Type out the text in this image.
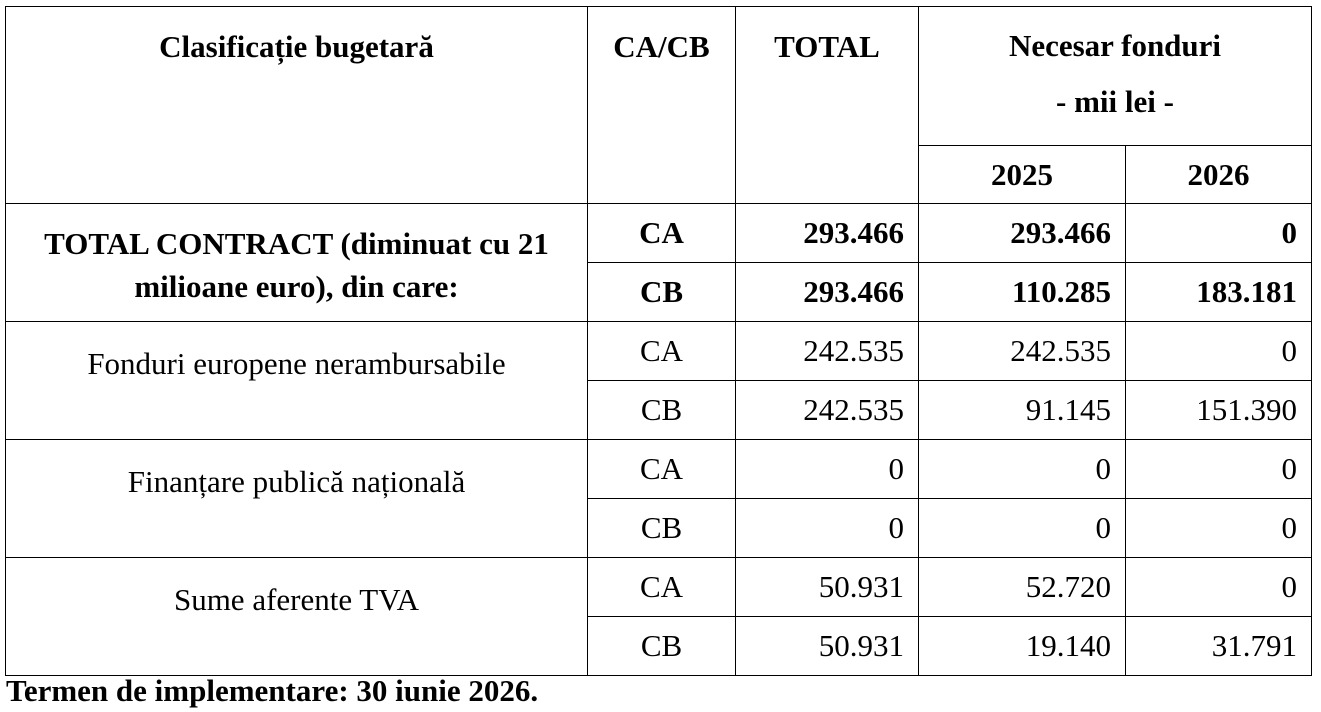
Clasificație bugetară	CA/CB	TOTAL	Necesar fonduri
- mii lei -	

			2025	2026
TOTAL CONTRACT (diminuat cu 21 milioane euro), din care:	CA	293.466	293.466	0
	CB	293.466	110.285	183.181
Fonduri europene nerambursabile	CA	242.535	242.535	0
	CB	242.535	91.145	151.390
Finanțare publică națională	CA	0	0	0
	CB	0	0	0
Sume aferente TVA	CA	50.931	52.720	0
	CB	50.931	19.140	31.791
Termen de implementare: 30 iunie 2026.
